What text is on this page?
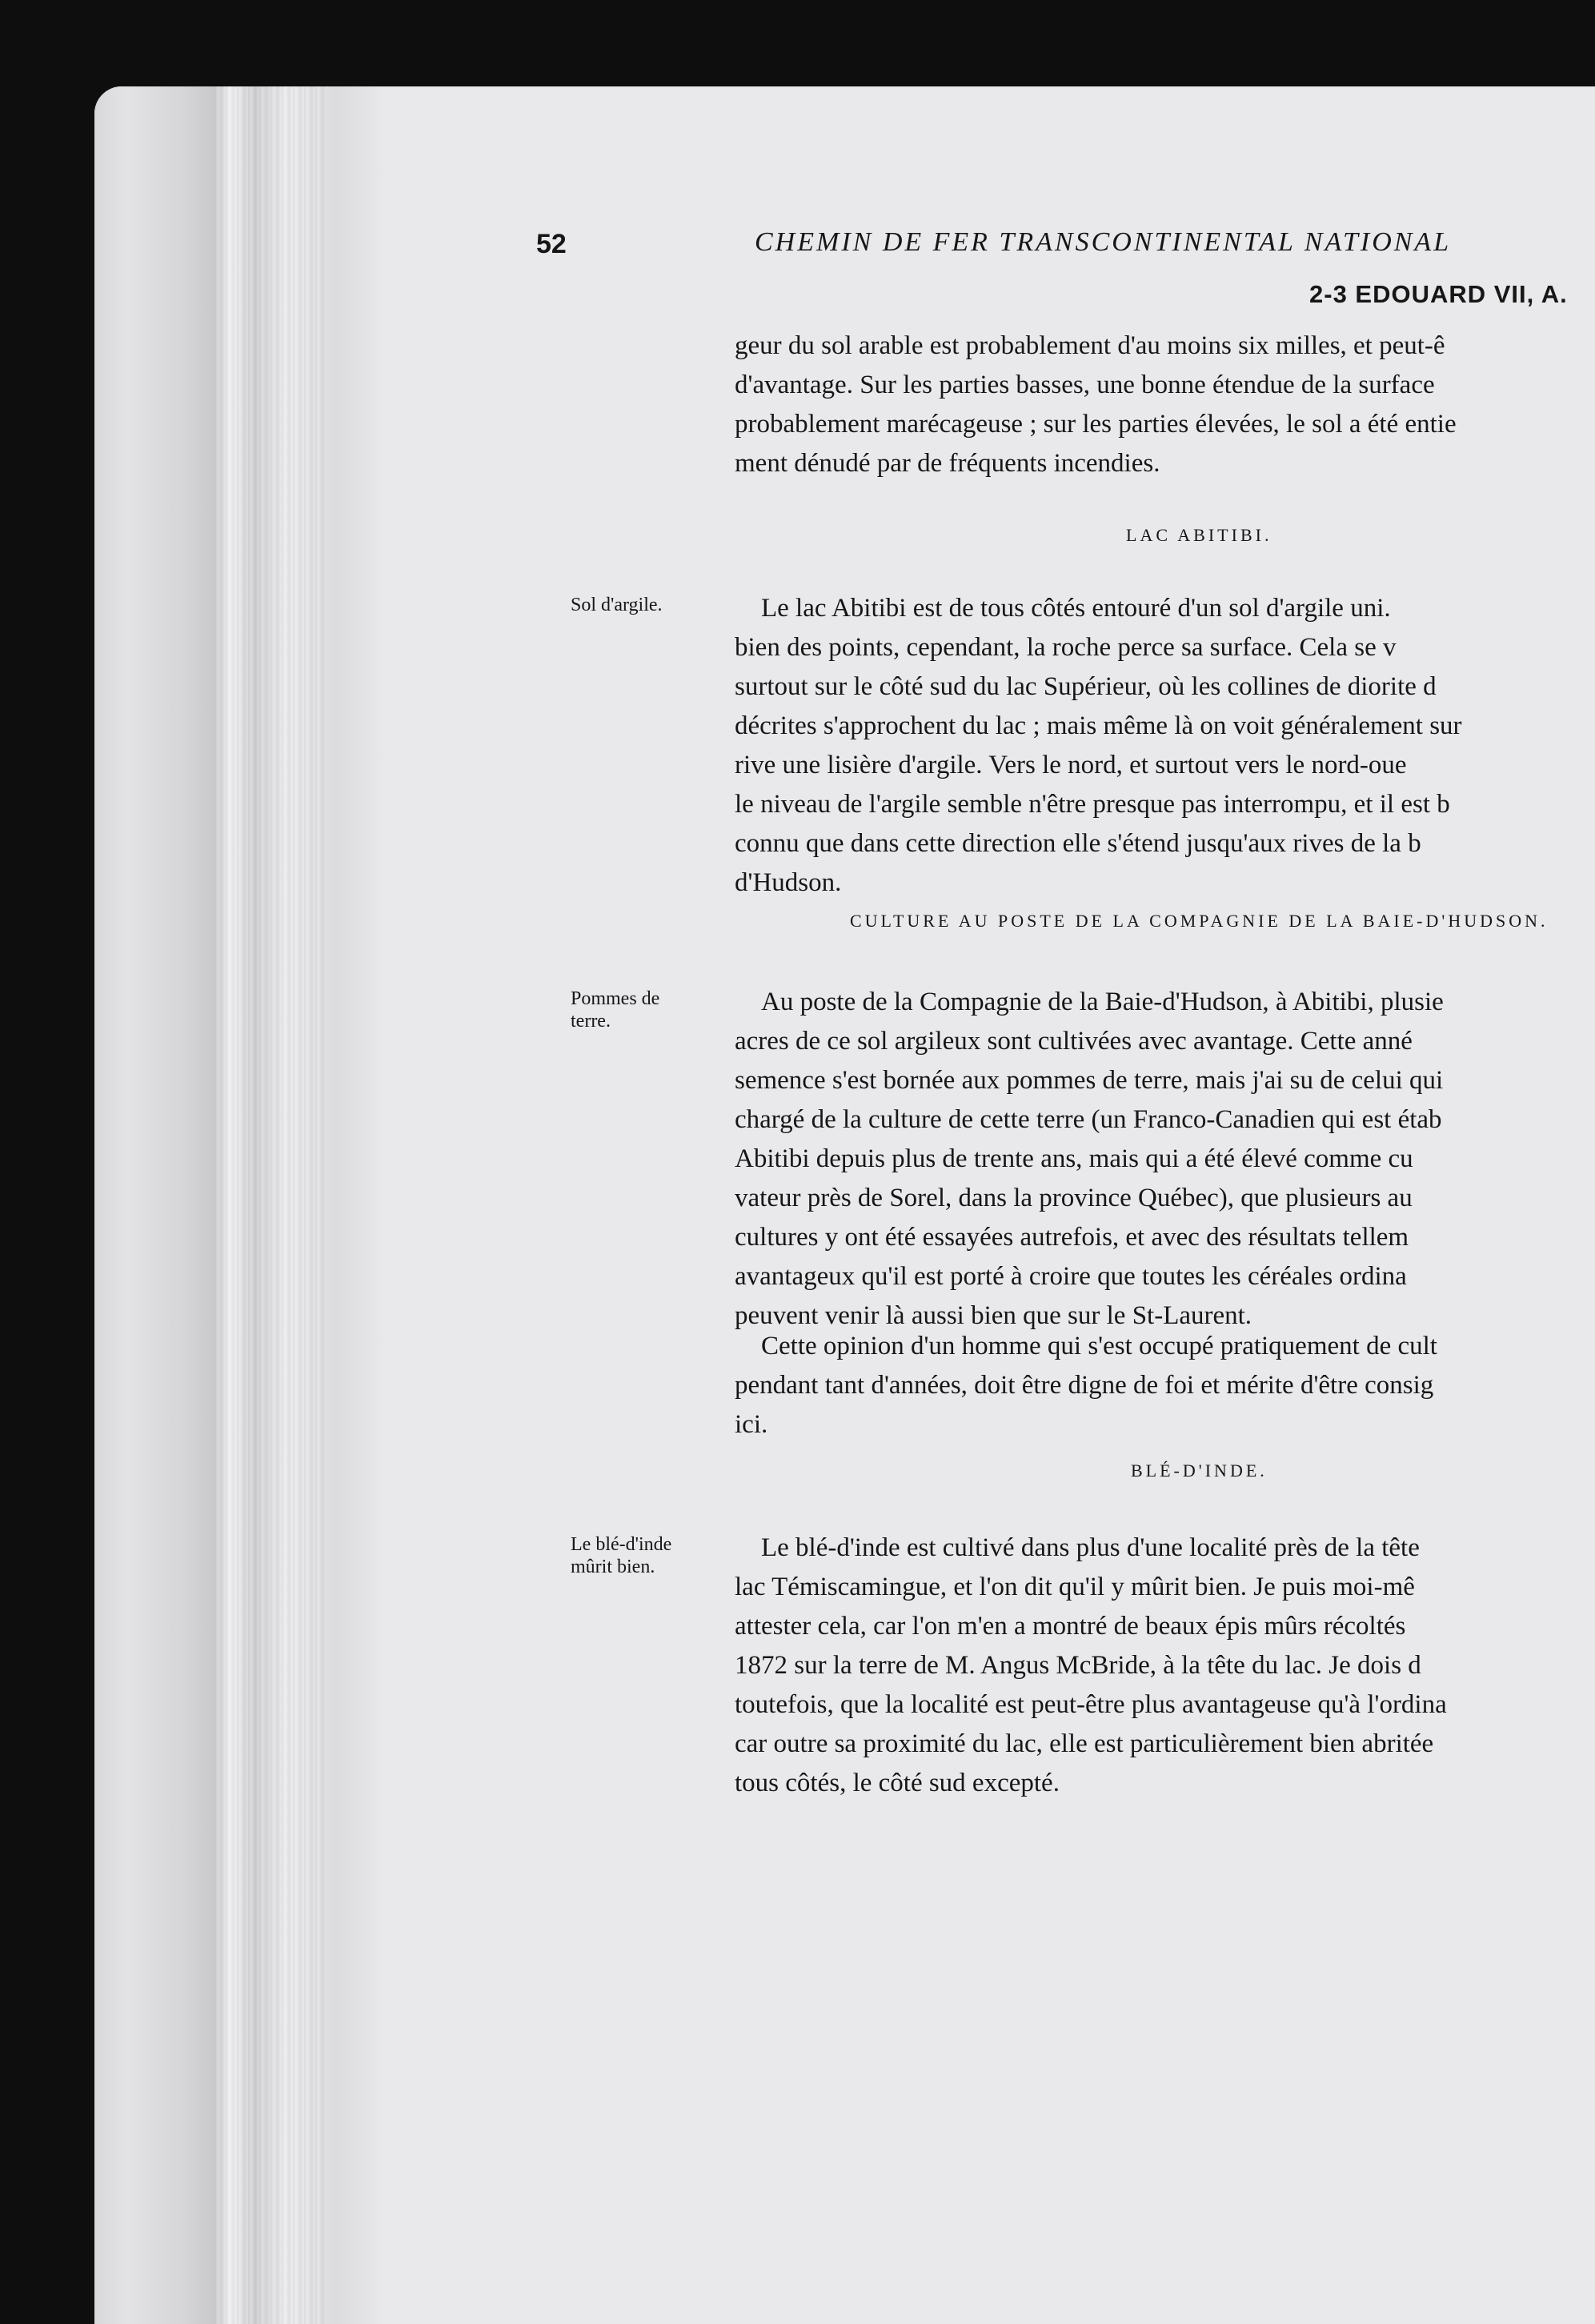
52	CHEMIN DE FER TRANSCONTINENTAL NATIONAL
2-3 EDOUARD VII, A.
geur du sol arable est probablement d'au moins six milles, et peut-ê
d'avantage. Sur les parties basses, une bonne étendue de la surface
probablement marécageuse ; sur les parties élevées, le sol a été entie
ment dénudé par de fréquents incendies.
LAC ABITIBI.
Sol d'argile.	Le lac Abitibi est de tous côtés entouré d'un sol d'argile uni.
bien des points, cependant, la roche perce sa surface. Cela se v
surtout sur le côté sud du lac Supérieur, où les collines de diorite d
décrites s'approchent du lac ; mais même là on voit généralement sur
rive une lisière d'argile. Vers le nord, et surtout vers le nord-oue
le niveau de l'argile semble n'être presque pas interrompu, et il est b
connu que dans cette direction elle s'étend jusqu'aux rives de la b
d'Hudson.
CULTURE AU POSTE DE LA COMPAGNIE DE LA BAIE-D'HUDSON.
Pommes de
terre.
Au poste de la Compagnie de la Baie-d'Hudson, à Abitibi, plusie
acres de ce sol argileux sont cultivées avec avantage. Cette anné
semence s'est bornée aux pommes de terre, mais j'ai su de celui qui
chargé de la culture de cette terre (un Franco-Canadien qui est étab
Abitibi depuis plus de trente ans, mais qui a été élevé comme cu
vateur près de Sorel, dans la province Québec), que plusieurs au
cultures y ont été essayées autrefois, et avec des résultats tellem
avantageux qu'il est porté à croire que toutes les céréales ordina
peuvent venir là aussi bien que sur le St-Laurent.
Cette opinion d'un homme qui s'est occupé pratiquement de cult
pendant tant d'années, doit être digne de foi et mérite d'être consig
ici.
BLÉ-D'INDE.
Le blé-d'inde
mûrit bien.
Le blé-d'inde est cultivé dans plus d'une localité près de la tête
lac Témiscamingue, et l'on dit qu'il y mûrit bien. Je puis moi-mê
attester cela, car l'on m'en a montré de beaux épis mûrs récoltés
1872 sur la terre de M. Angus McBride, à la tête du lac. Je dois d
toutefois, que la localité est peut-être plus avantageuse qu'à l'ordina
car outre sa proximité du lac, elle est particulièrement bien abritée
tous côtés, le côté sud excepté.
